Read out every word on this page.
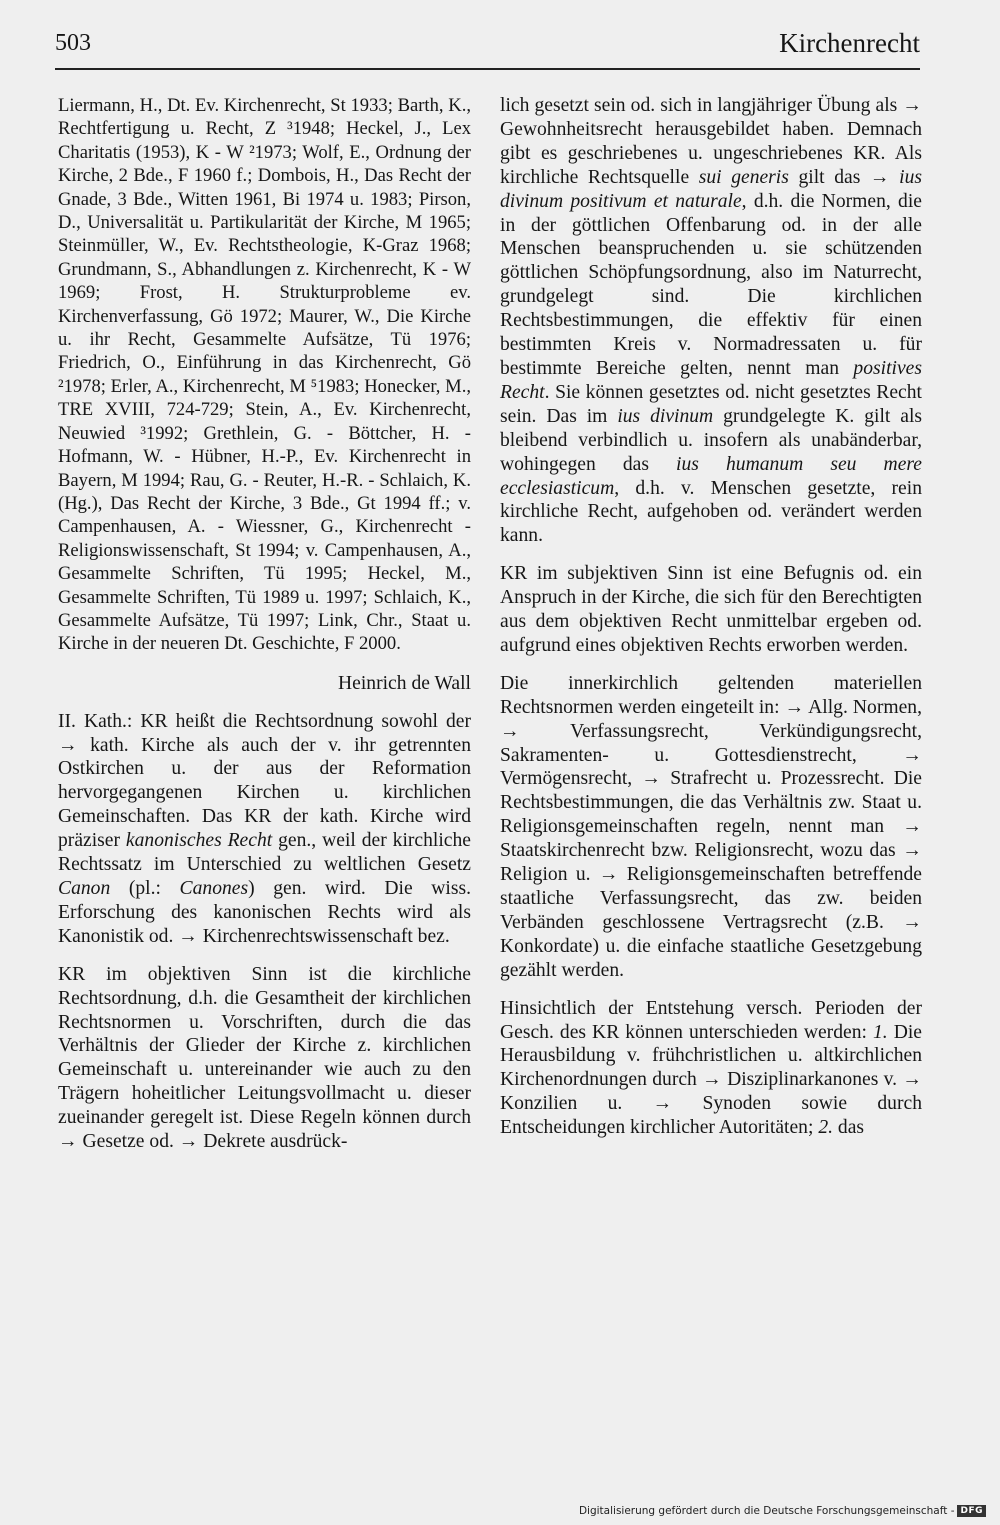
503	Kirchenrecht

Liermann, H., Dt. Ev. Kirchenrecht, St 1933; Barth, K., Rechtfertigung u. Recht, Z ³1948; Heckel, J., Lex Charitatis (1953), K - W ²1973; Wolf, E., Ordnung der Kirche, 2 Bde., F 1960 f.; Dombois, H., Das Recht der Gnade, 3 Bde., Witten 1961, Bi 1974 u. 1983; Pirson, D., Universalität u. Partikularität der Kirche, M 1965; Steinmüller, W., Ev. Rechtstheologie, K-Graz 1968; Grundmann, S., Abhandlungen z. Kirchenrecht, K - W 1969; Frost, H. Strukturprobleme ev. Kirchenverfassung, Gö 1972; Maurer, W., Die Kirche u. ihr Recht, Gesammelte Aufsätze, Tü 1976; Friedrich, O., Einführung in das Kirchenrecht, Gö ²1978; Erler, A., Kirchenrecht, M ⁵1983; Honecker, M., TRE XVIII, 724-729; Stein, A., Ev. Kirchenrecht, Neuwied ³1992; Grethlein, G. - Böttcher, H. - Hofmann, W. - Hübner, H.-P., Ev. Kirchenrecht in Bayern, M 1994; Rau, G. - Reuter, H.-R. - Schlaich, K. (Hg.), Das Recht der Kirche, 3 Bde., Gt 1994 ff.; v. Campenhausen, A. - Wiessner, G., Kirchenrecht - Religionswissenschaft, St 1994; v. Campenhausen, A., Gesammelte Schriften, Tü 1995; Heckel, M., Gesammelte Schriften, Tü 1989 u. 1997; Schlaich, K., Gesammelte Aufsätze, Tü 1997; Link, Chr., Staat u. Kirche in der neueren Dt. Geschichte, F 2000.

Heinrich de Wall

II. Kath.: KR heißt die Rechtsordnung sowohl der → kath. Kirche als auch der v. ihr getrennten Ostkirchen u. der aus der Reformation hervorgegangenen Kirchen u. kirchlichen Gemeinschaften. Das KR der kath. Kirche wird präziser kanonisches Recht gen., weil der kirchliche Rechtssatz im Unterschied zu weltlichen Gesetz Canon (pl.: Canones) gen. wird. Die wiss. Erforschung des kanonischen Rechts wird als Kanonistik od. → Kirchenrechtswissenschaft bez.

KR im objektiven Sinn ist die kirchliche Rechtsordnung, d.h. die Gesamtheit der kirchlichen Rechtsnormen u. Vorschriften, durch die das Verhältnis der Glieder der Kirche z. kirchlichen Gemeinschaft u. untereinander wie auch zu den Trägern hoheitlicher Leitungsvollmacht u. dieser zueinander geregelt ist. Diese Regeln können durch → Gesetze od. → Dekrete ausdrück-

lich gesetzt sein od. sich in langjähriger Übung als → Gewohnheitsrecht herausgebildet haben. Demnach gibt es geschriebenes u. ungeschriebenes KR. Als kirchliche Rechtsquelle sui generis gilt das → ius divinum positivum et naturale, d.h. die Normen, die in der göttlichen Offenbarung od. in der alle Menschen beanspruchenden u. sie schützenden göttlichen Schöpfungsordnung, also im Naturrecht, grundgelegt sind. Die kirchlichen Rechtsbestimmungen, die effektiv für einen bestimmten Kreis v. Normadressaten u. für bestimmte Bereiche gelten, nennt man positives Recht. Sie können gesetztes od. nicht gesetztes Recht sein. Das im ius divinum grundgelegte K. gilt als bleibend verbindlich u. insofern als unabänderbar, wohingegen das ius humanum seu mere ecclesiasticum, d.h. v. Menschen gesetzte, rein kirchliche Recht, aufgehoben od. verändert werden kann.

KR im subjektiven Sinn ist eine Befugnis od. ein Anspruch in der Kirche, die sich für den Berechtigten aus dem objektiven Recht unmittelbar ergeben od. aufgrund eines objektiven Rechts erworben werden.

Die innerkirchlich geltenden materiellen Rechtsnormen werden eingeteilt in: → Allg. Normen, → Verfassungsrecht, Verkündigungsrecht, Sakramenten- u. Gottesdienstrecht, → Vermögensrecht, → Strafrecht u. Prozessrecht. Die Rechtsbestimmungen, die das Verhältnis zw. Staat u. Religionsgemeinschaften regeln, nennt man → Staatskirchenrecht bzw. Religionsrecht, wozu das → Religion u. → Religionsgemeinschaften betreffende staatliche Verfassungsrecht, das zw. beiden Verbänden geschlossene Vertragsrecht (z.B. → Konkordate) u. die einfache staatliche Gesetzgebung gezählt werden.

Hinsichtlich der Entstehung versch. Perioden der Gesch. des KR können unterschieden werden: 1. Die Herausbildung v. frühchristlichen u. altkirchlichen Kirchenordnungen durch → Disziplinarkanones v. → Konzilien u. → Synoden sowie durch Entscheidungen kirchlicher Autoritäten; 2. das

Digitalisierung gefördert durch die Deutsche Forschungsgemeinschaft - DFG
